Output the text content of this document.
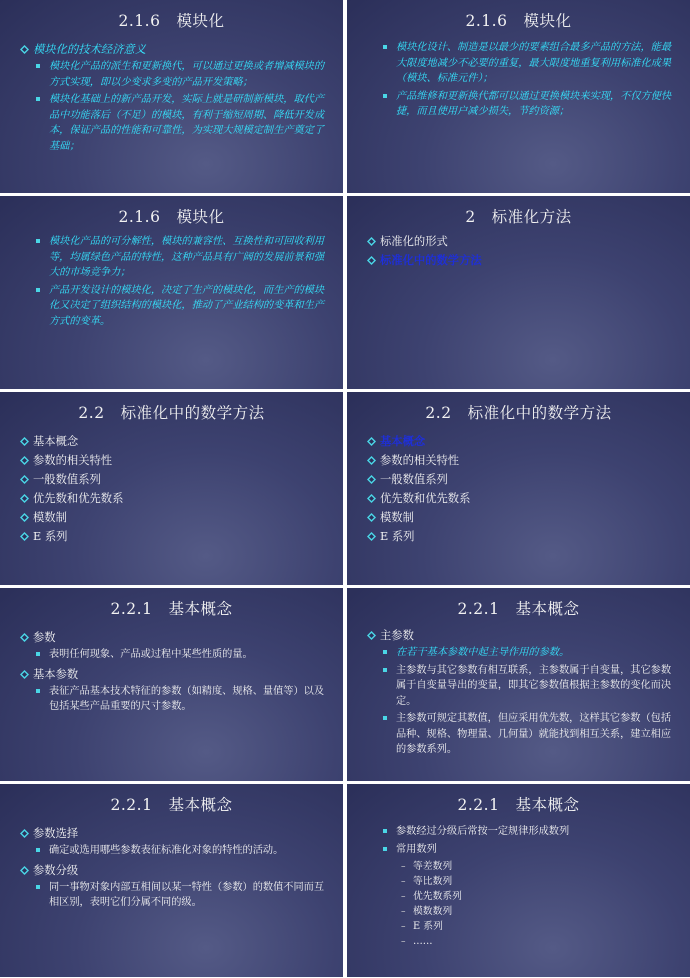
2.1.6　模块化
模块化的技术经济意义
模块化产品的派生和更新换代，可以通过更换或者增减模块的方式实现，即以少变求多变的产品开发策略；
模块化基础上的新产品开发，实际上就是研制新模块，取代产品中功能落后（不足）的模块，有利于缩短周期、降低开发成本，保证产品的性能和可靠性，为实现大规模定制生产奠定了基础；
2.1.6　模块化
模块化设计、制造是以最少的要素组合最多产品的方法，能最大限度地减少不必要的重复，最大限度地重复利用标准化成果（模块、标准元件）；
产品维修和更新换代都可以通过更换模块来实现，不仅方便快捷，而且使用户减少损失，节约资源；
2.1.6　模块化
模块化产品的可分解性，模块的兼容性、互换性和可回收利用等，均属绿色产品的特性，这种产品具有广阔的发展前景和强大的市场竞争力；
产品开发设计的模块化，决定了生产的模块化，而生产的模块化又决定了组织结构的模块化，推动了产业结构的变革和生产方式的变革。
2　标准化方法
标准化的形式
标准化中的数学方法
2.2　标准化中的数学方法
基本概念
参数的相关特性
一般数值系列
优先数和优先数系
模数制
E 系列
2.2　标准化中的数学方法
基本概念
参数的相关特性
一般数值系列
优先数和优先数系
模数制
E 系列
2.2.1　基本概念
参数
表明任何现象、产品或过程中某些性质的量。
基本参数
表征产品基本技术特征的参数（如精度、规格、量值等）以及包括某些产品重要的尺寸参数。
2.2.1　基本概念
主参数
在若干基本参数中起主导作用的参数。
主参数与其它参数有相互联系，主参数属于自变量，其它参数属于自变量导出的变量，即其它参数值根据主参数的变化而决定。
主参数可规定其数值，但应采用优先数，这样其它参数（包括品种、规格、物理量、几何量）就能找到相互关系，建立相应的参数系列。
2.2.1　基本概念
参数选择
确定或选用哪些参数表征标准化对象的特性的活动。
参数分级
同一事物对象内部互相间以某一特性（参数）的数值不同而互相区别，表明它们分属不同的级。
2.2.1　基本概念
参数经过分级后常按一定规律形成数列
常用数列
– 等差数列
– 等比数列
– 优先数系列
– 模数数列
– E 系列
– ……
